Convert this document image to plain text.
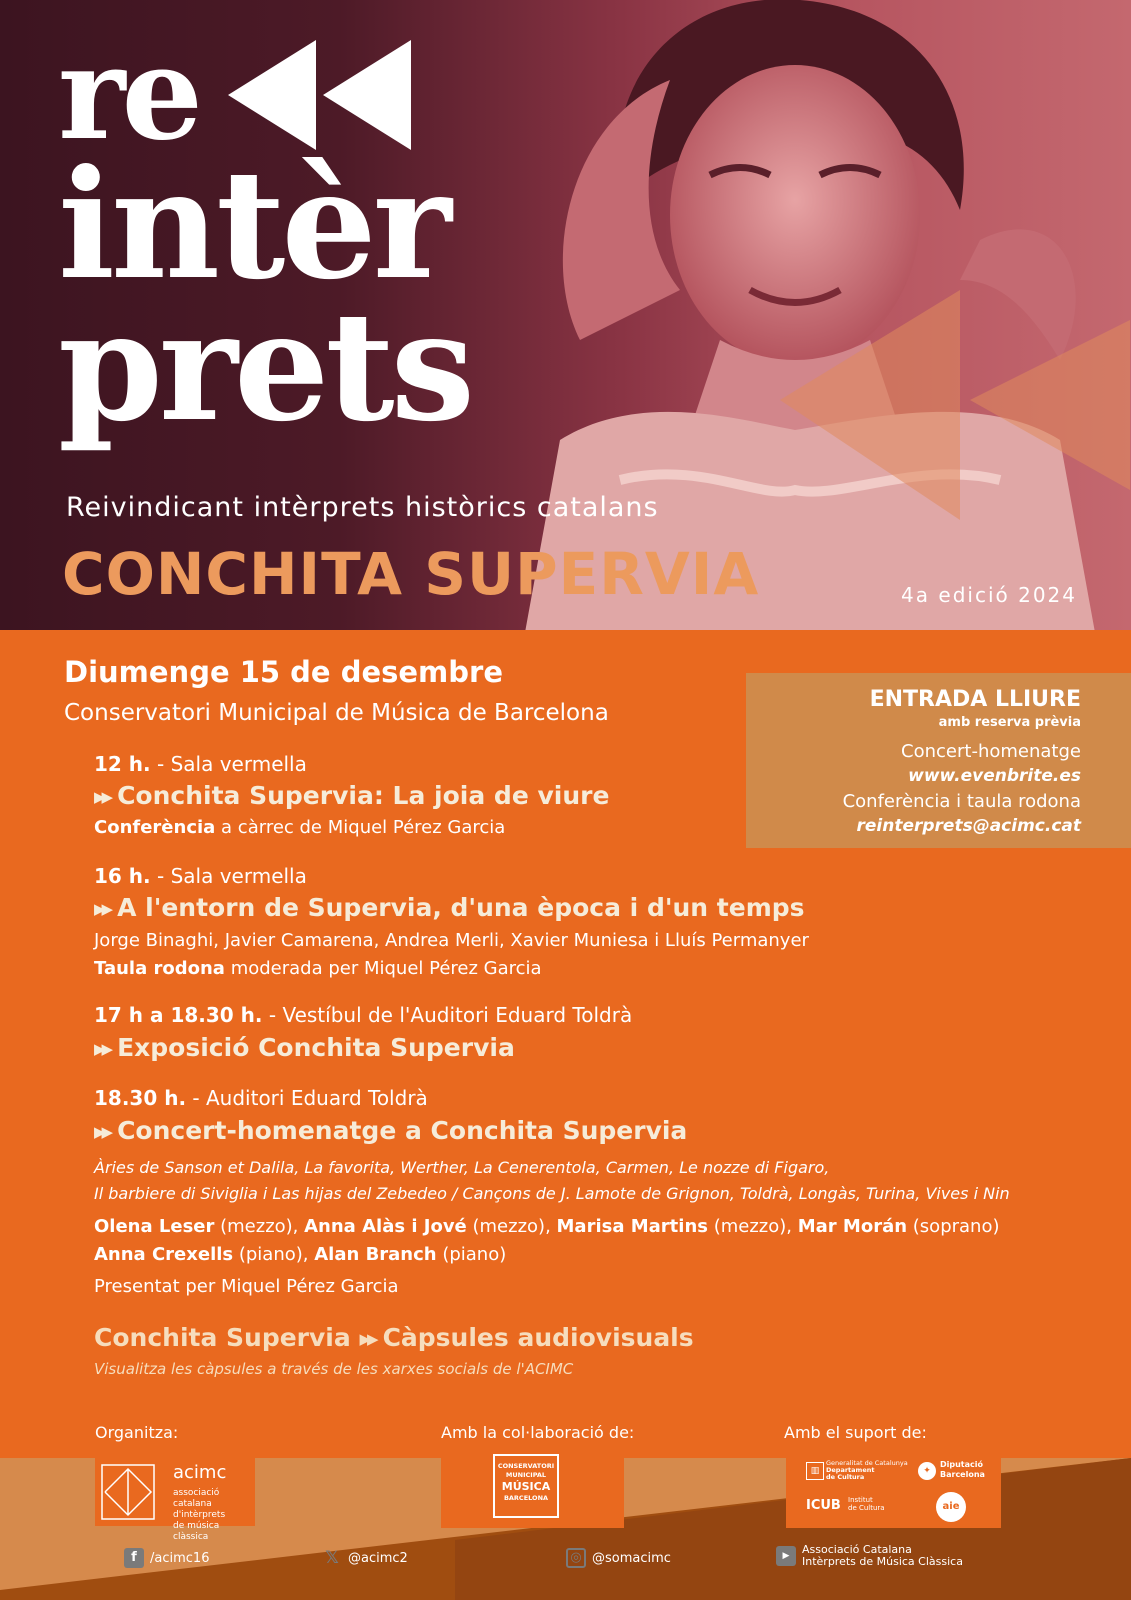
re
intèr
prets
Reivindicant intèrprets històrics catalans
CONCHITA SUPERVIA	4a edició 2024
Diumenge 15 de desembre
Conservatori Municipal de Música de Barcelona
ENTRADA LLIURE
amb reserva prèvia
Concert-homenatge
www.evenbrite.es
Conferència i taula rodona
reinterprets@acimc.cat
12 h. - Sala vermella
▶▶ Conchita Supervia: La joia de viure
Conferència a càrrec de Miquel Pérez Garcia
16 h. - Sala vermella
▶▶ A l'entorn de Supervia, d'una època i d'un temps
Jorge Binaghi, Javier Camarena, Andrea Merli, Xavier Muniesa i Lluís Permanyer
Taula rodona moderada per Miquel Pérez Garcia
17 h a 18.30 h. - Vestíbul de l'Auditori Eduard Toldrà
▶▶ Exposició Conchita Supervia
18.30 h. - Auditori Eduard Toldrà
▶▶ Concert-homenatge a Conchita Supervia
Àries de Sanson et Dalila, La favorita, Werther, La Cenerentola, Carmen, Le nozze di Figaro,
Il barbiere di Siviglia i Las hijas del Zebedeo / Cançons de J. Lamote de Grignon, Toldrà, Longàs, Turina, Vives i Nin
Olena Leser (mezzo), Anna Alàs i Jové (mezzo), Marisa Martins (mezzo), Mar Morán (soprano)
Anna Crexells (piano), Alan Branch (piano)
Presentat per Miquel Pérez Garcia
Conchita Supervia ▶▶ Càpsules audiovisuals
Visualitza les càpsules a través de les xarxes socials de l'ACIMC
Organitza:	Amb la col·laboració de:	Amb el suport de:
acimc
associació catalana
d'intèrprets
de música clàssica
CONSERVATORI
MUNICIPAL
MÚSICA
BARCELONA
▥
Generalitat de Catalunya
Departament
de Cultura
✦
Diputació
Barcelona
ICUB Institut
de Cultura	aie
f	/acimc16	𝕏 @acimc2	◎ @somacimc	▶	Associació Catalana
Intèrprets de Música Clàssica
